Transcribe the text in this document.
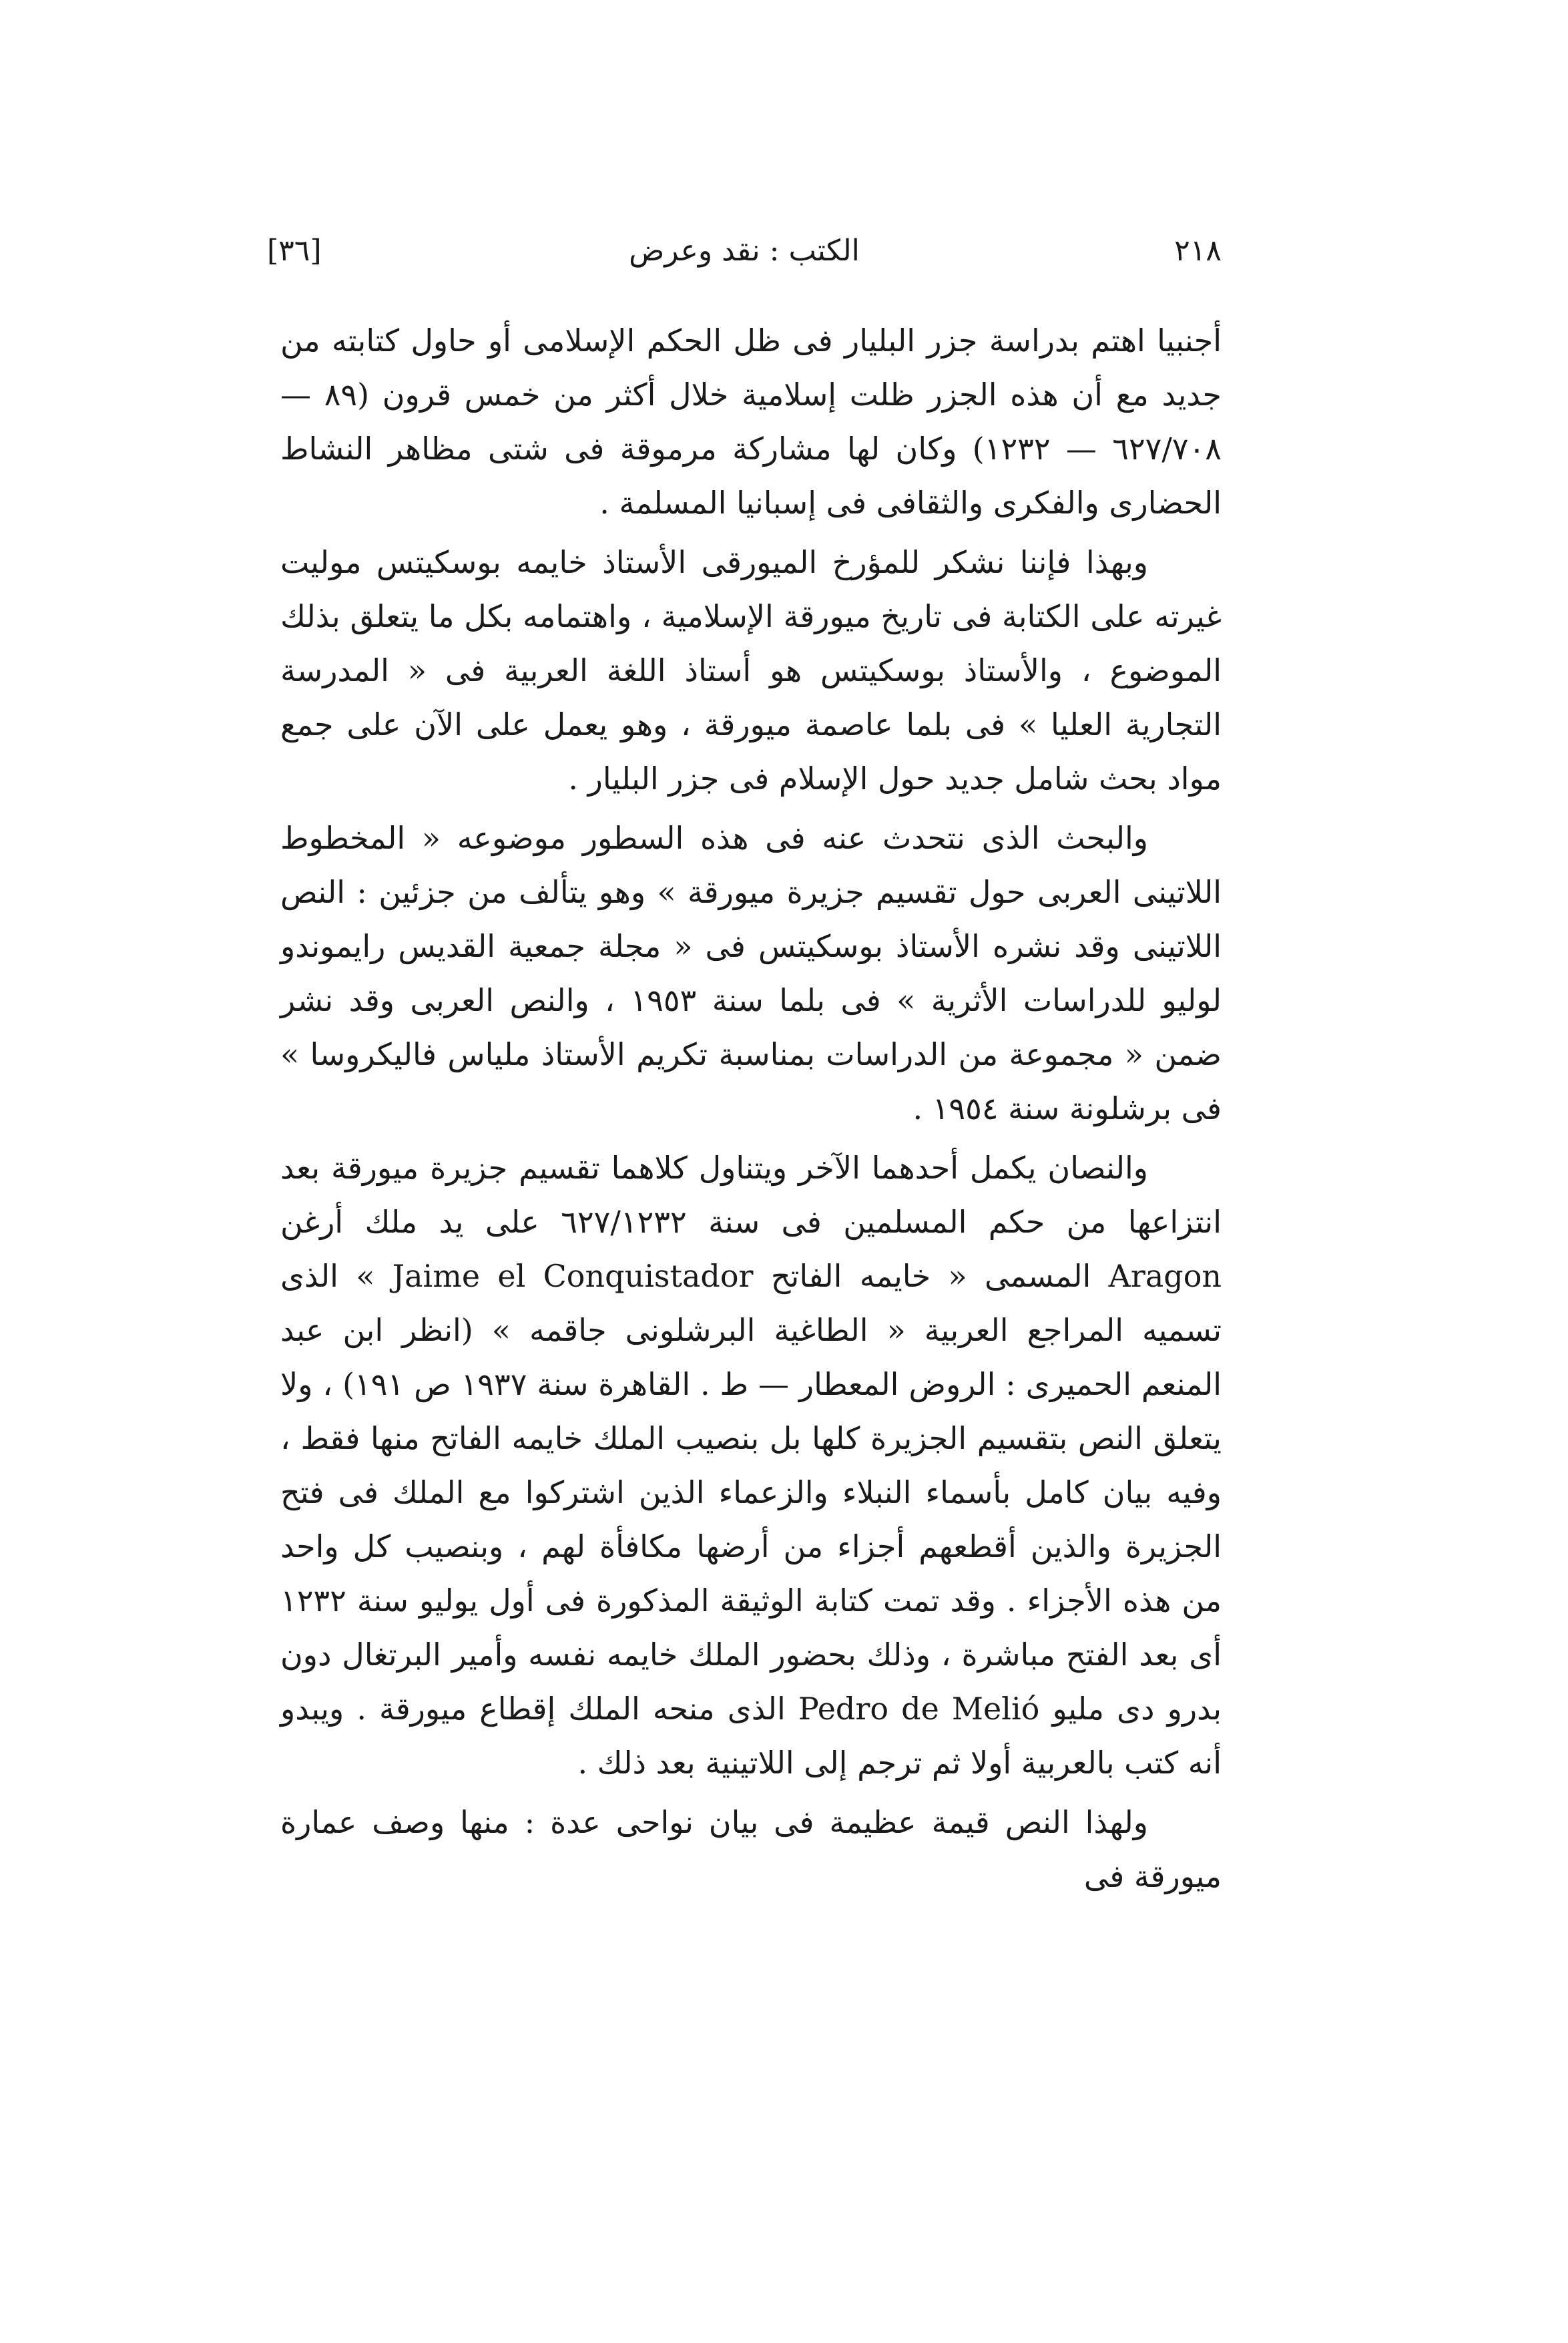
[٣٦]	الكتب : نقد وعرض	٢١٨

أجنبيا اهتم بدراسة جزر البليار فى ظل الحكم الإسلامى أو حاول كتابته من جديد مع أن هذه الجزر ظلت إسلامية خلال أكثر من خمس قرون (٨٩ — ٦٢٧/٧٠٨ — ١٢٣٢) وكان لها مشاركة مرموقة فى شتى مظاهر النشاط الحضارى والفكرى والثقافى فى إسبانيا المسلمة .

وبهذا فإننا نشكر للمؤرخ الميورقى الأستاذ خايمه بوسكيتس موليت غيرته على الكتابة فى تاريخ ميورقة الإسلامية ، واهتمامه بكل ما يتعلق بذلك الموضوع ، والأستاذ بوسكيتس هو أستاذ اللغة العربية فى « المدرسة التجارية العليا » فى بلما عاصمة ميورقة ، وهو يعمل على الآن على جمع مواد بحث شامل جديد حول الإسلام فى جزر البليار .

والبحث الذى نتحدث عنه فى هذه السطور موضوعه « المخطوط اللاتينى العربى حول تقسيم جزيرة ميورقة » وهو يتألف من جزئين : النص اللاتينى وقد نشره الأستاذ بوسكيتس فى « مجلة جمعية القديس رايموندو لوليو للدراسات الأثرية » فى بلما سنة ١٩٥٣ ، والنص العربى وقد نشر ضمن « مجموعة من الدراسات بمناسبة تكريم الأستاذ ملياس فاليكروسا » فى برشلونة سنة ١٩٥٤ .

والنصان يكمل أحدهما الآخر ويتناول كلاهما تقسيم جزيرة ميورقة بعد انتزاعها من حكم المسلمين فى سنة ٦٢٧/١٢٣٢ على يد ملك أرغن Aragon المسمى « خايمه الفاتح Jaime el Conquistador » الذى تسميه المراجع العربية « الطاغية البرشلونى جاقمه » (انظر ابن عبد المنعم الحميرى : الروض المعطار — ط . القاهرة سنة ١٩٣٧ ص ١٩١) ، ولا يتعلق النص بتقسيم الجزيرة كلها بل بنصيب الملك خايمه الفاتح منها فقط ، وفيه بيان كامل بأسماء النبلاء والزعماء الذين اشتركوا مع الملك فى فتح الجزيرة والذين أقطعهم أجزاء من أرضها مكافأة لهم ، وبنصيب كل واحد من هذه الأجزاء . وقد تمت كتابة الوثيقة المذكورة فى أول يوليو سنة ١٢٣٢ أى بعد الفتح مباشرة ، وذلك بحضور الملك خايمه نفسه وأمير البرتغال دون بدرو دى مليو Pedro de Melió الذى منحه الملك إقطاع ميورقة . ويبدو أنه كتب بالعربية أولا ثم ترجم إلى اللاتينية بعد ذلك .

ولهذا النص قيمة عظيمة فى بيان نواحى عدة : منها وصف عمارة ميورقة فى
